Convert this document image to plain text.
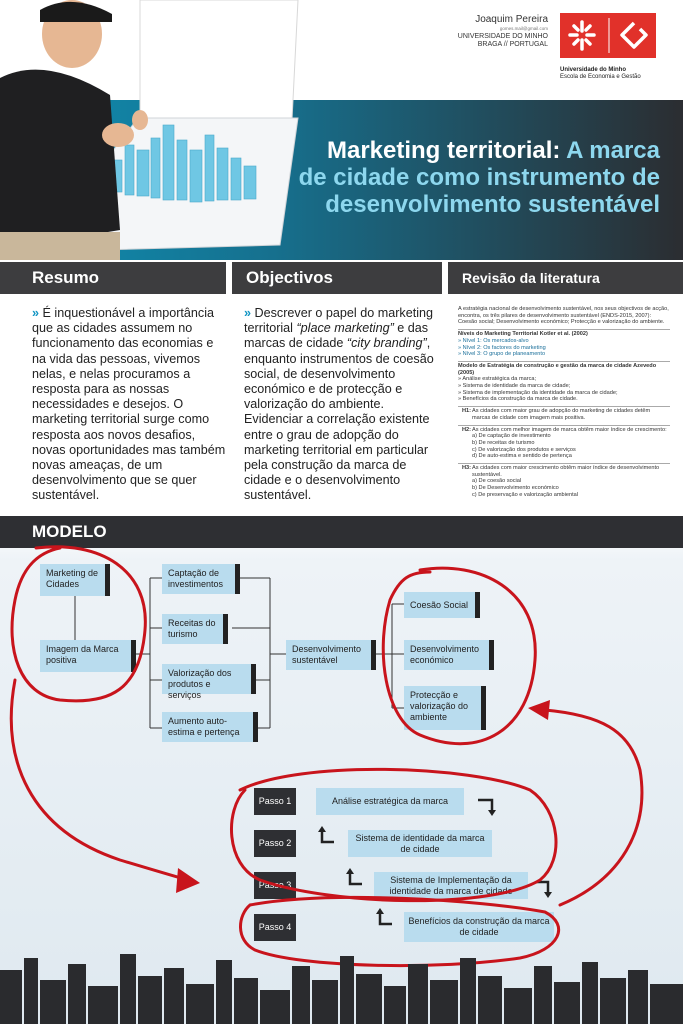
Joaquim Pereira
gomes.mail@gmail.com
UNIVERSIDADE DO MINHO
BRAGA // PORTUGAL
Universidade do Minho
Escola de Economia e Gestão
Marketing territorial: A marca
de cidade como instrumento de
desenvolvimento sustentável
Resumo	Objectivos	Revisão da literatura
» É inquestionável a importância que as cidades assumem no funcionamento das economias e na vida das pessoas, vivemos nelas, e nelas procuramos a resposta para as nossas necessidades e desejos. O marketing territorial surge como resposta aos novos desafios, novas oportunidades mas também novas ameaças, de um desenvolvimento que se quer sustentável.
» Descrever o papel do marketing territorial “place marketing” e das marcas de cidade “city branding”, enquanto instrumentos de coesão social, de desenvolvimento económico e de protecção e valorização do ambiente. Evidenciar a correlação existente entre o grau de adopção do marketing territorial em particular pela construção da marca de cidade e o desenvolvimento sustentável.
A estratégia nacional de desenvolvimento sustentável, nos seus objectivos de acção, encontra, os três pilares de desenvolvimento sustentável (ENDS-2015, 2007): Coesão social; Desenvolvimento económico; Protecção e valorização do ambiente.
Níveis do Marketing Territorial Kotler et al. (2002)
» Nível 1: Os mercados-alvo
» Nível 2: Os factores do marketing
» Nível 3: O grupo de planeamento
Modelo de Estratégia de construção e gestão da marca de cidade Azevedo (2005)
» Análise estratégica da marca;
» Sistema de identidade da marca de cidade;
» Sistema de implementação da identidade da marca de cidade;
» Benefícios da construção da marca de cidade.
H1:As cidades com maior grau de adopção do marketing de cidades detêm marcas de cidade com imagem mais positiva.
H2:As cidades com melhor imagem de marca obtêm maior índice de crescimento:
a) De captação de investimento
b) De receitas de turismo
c) De valorização dos produtos e serviços
d) De auto-estima e sentido de pertença
H3:As cidades com maior crescimento obtêm maior índice de desenvolvimento sustentável.
a) De coesão social
b) De Desenvolvimento económico
c) De preservação e valorização ambiental
MODELO
Marketing de Cidades
Imagem da Marca positiva
Captação de investimentos
Receitas do turismo
Valorização dos produtos e serviços
Aumento auto-estima e pertença
Desenvolvimento sustentável
Coesão Social
Desenvolvimento económico
Protecção e valorização do ambiente
Passo 1	Análise estratégica da marca
Passo 2
Sistema de identidade da marca de cidade
Passo 3
Sistema de Implementação da identidade da marca de cidade
Passo 4
Benefícios da construção da marca de cidade
